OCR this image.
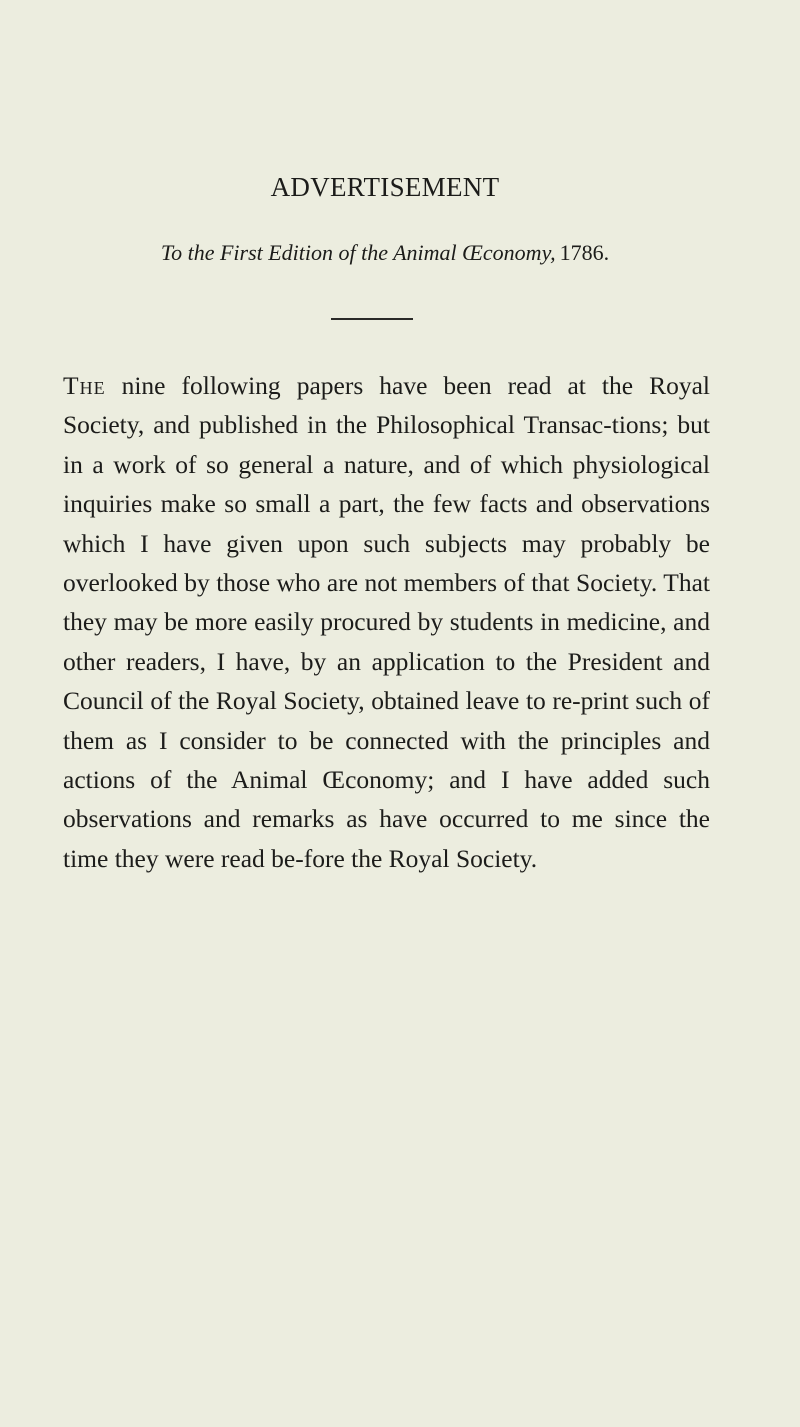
ADVERTISEMENT
To the First Edition of the Animal Œconomy, 1786.

The nine following papers have been read at the Royal Society, and published in the Philosophical Transac-tions; but in a work of so general a nature, and of which physiological inquiries make so small a part, the few facts and observations which I have given upon such subjects may probably be overlooked by those who are not members of that Society. That they may be more easily procured by students in medicine, and other readers, I have, by an application to the President and Council of the Royal Society, obtained leave to re-print such of them as I consider to be connected with the principles and actions of the Animal Œconomy; and I have added such observations and remarks as have occurred to me since the time they were read be-fore the Royal Society.
